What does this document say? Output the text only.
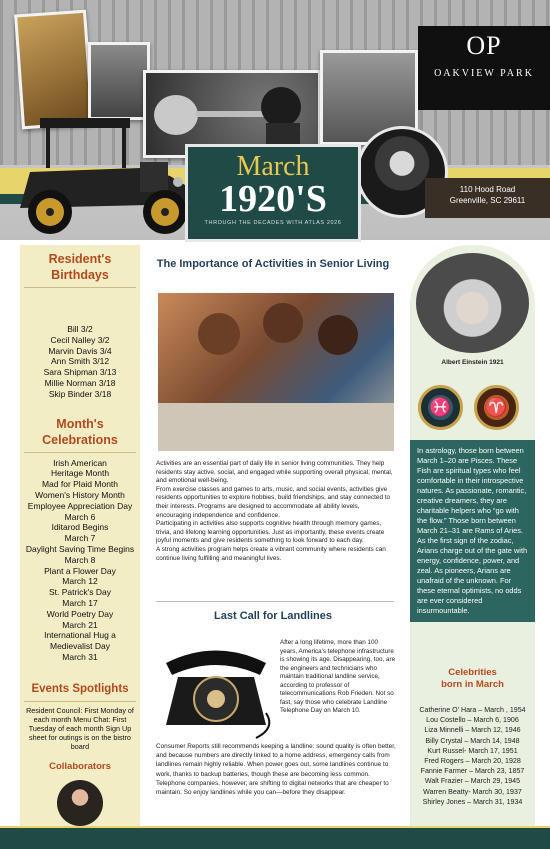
OP
OAKVIEW PARK
110 Hood Road
Greenville, SC 29611
March
1920'S
THROUGH THE DECADES WITH ATLAS 2026
Resident's Birthdays
Bill 3/2
Cecil Nalley 3/2
Marvin Davis 3/4
Ann Smith 3/12
Sara Shipman 3/13
Millie Norman 3/18
Skip Binder 3/18
Month's Celebrations
Irish American
Heritage Month
Mad for Plaid Month
Women's History Month
Employee Appreciation Day
March 6
Iditarod Begins
March 7
Daylight Saving Time Begins
March 8
Plant a Flower Day
March 12
St. Patrick's Day
March 17
World Poetry Day
March 21
International Hug a
Medievalist Day
March 31
Events Spotlights
Resident Council: First Monday of each month Menu Chat: First Tuesday of each month Sign Up sheet for outings is on the bistro board
Collaborators
The Importance of Activities in Senior Living

Activities are an essential part of daily life in senior living communities. They help residents stay active, social, and engaged while supporting overall physical, mental, and emotional well-being.

From exercise classes and games to arts, music, and social events, activities give residents opportunities to explore hobbies, build friendships, and stay connected to their interests. Programs are designed to accommodate all ability levels, encouraging independence and confidence.

Participating in activities also supports cognitive health through memory games, trivia, and lifelong learning opportunities. Just as importantly, these events create joyful moments and give residents something to look forward to each day.

A strong activities program helps create a vibrant community where residents can continue living fulfilling and meaningful lives.

Last Call for Landlines
After a long lifetime, more than 100 years, America's telephone infrastructure is showing its age. Disappearing, too, are the engineers and technicians who maintain traditional landline service, according to professor of telecommunications Rob Frieden. Not so fast, say those who celebrate Landline Telephone Day on March 10.
Consumer Reports still recommends keeping a landline: sound quality is often better, and because numbers are directly linked to a home address, emergency calls from landlines remain highly reliable. When power goes out, some landlines continue to work, thanks to backup batteries, though these are becoming less common. Telephone companies, however, are shifting to digital networks that are cheaper to maintain. So enjoy landlines while you can—before they disappear.
Albert Einstein 1921
♓	♈
In astrology, those born between March 1–20 are Pisces. These Fish are spiritual types who feel comfortable in their introspective natures. As passionate, romantic, creative dreamers, they are charitable helpers who “go with the flow.” Those born between March 21–31 are Rams of Aries. As the first sign of the zodiac, Arians charge out of the gate with energy, confidence, power, and zeal. As pioneers, Arians are unafraid of the unknown. For these eternal optimists, no odds are ever considered insurmountable.
Celebrities
born in March
Catherine O' Hara – March , 1954
Lou Costello – March 6, 1906
Liza Minnelli – March 12, 1946
Billy Crystal – March 14, 1948
Kurt Russel- March 17, 1951
Fred Rogers – March 20, 1928
Fannie Farmer – March 23, 1857
Walt Frazier – March 29, 1945
Warren Beatty- March 30, 1937
Shirley Jones – March 31, 1934
